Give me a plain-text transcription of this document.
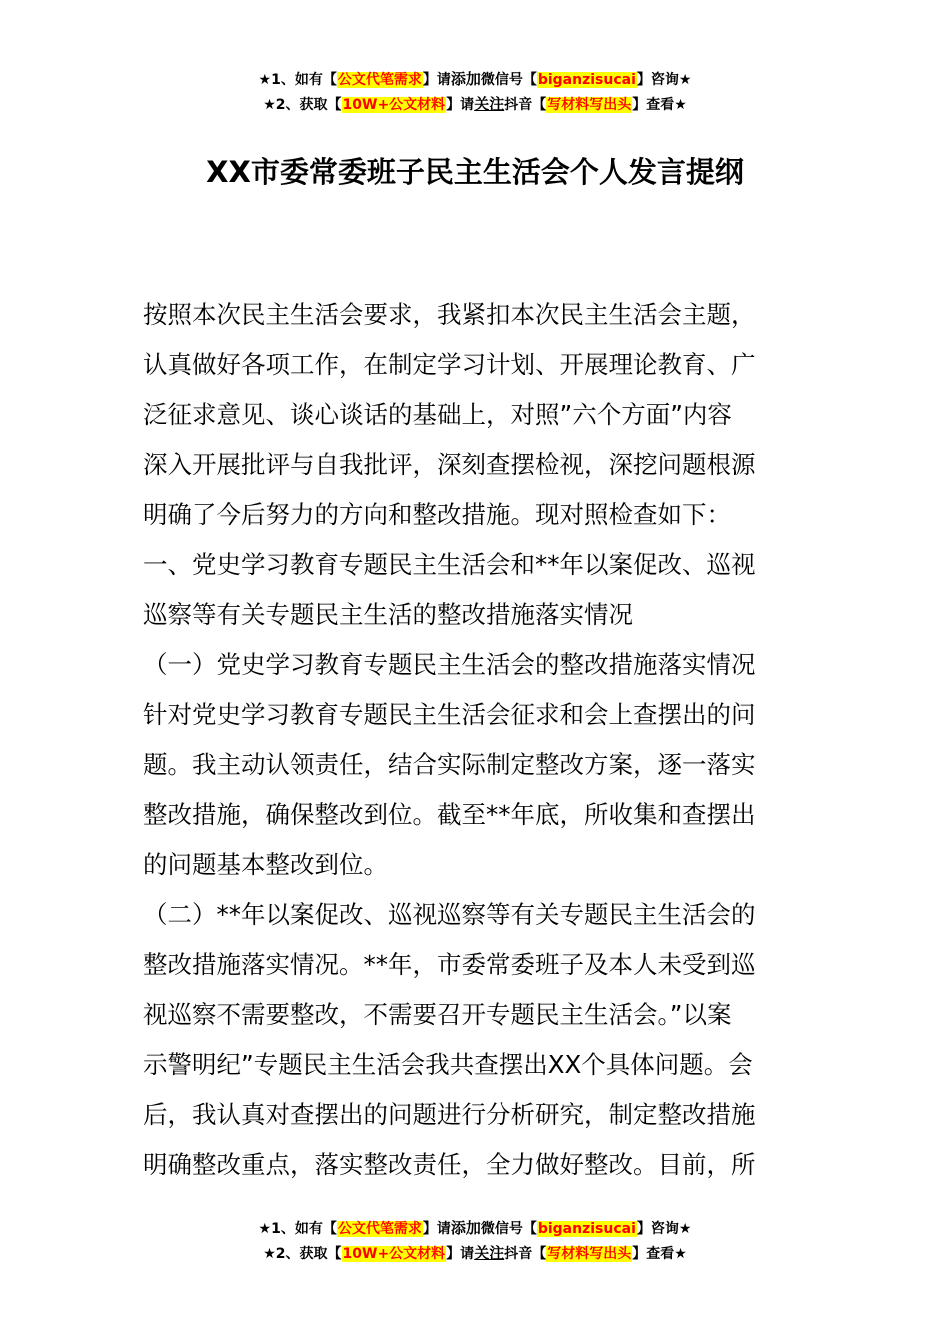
★1、如有【公文代笔需求】请添加微信号【biganzisucai】咨询★
★2、获取【10W+公文材料】请关注抖音【写材料写出头】查看★
XX市委常委班子民主生活会个人发言提纲
按照本次民主生活会要求，我紧扣本次民主生活会主题，
认真做好各项工作，在制定学习计划、开展理论教育、广
泛征求意见、谈心谈话的基础上，对照”六个方面”内容
深入开展批评与自我批评，深刻查摆检视，深挖问题根源
明确了今后努力的方向和整改措施。现对照检查如下：
一、党史学习教育专题民主生活会和**年以案促改、巡视
巡察等有关专题民主生活的整改措施落实情况
（一）党史学习教育专题民主生活会的整改措施落实情况
针对党史学习教育专题民主生活会征求和会上查摆出的问
题。我主动认领责任，结合实际制定整改方案，逐一落实
整改措施，确保整改到位。截至**年底，所收集和查摆出
的问题基本整改到位。
（二）**年以案促改、巡视巡察等有关专题民主生活会的
整改措施落实情况。**年，市委常委班子及本人未受到巡
视巡察不需要整改，不需要召开专题民主生活会。”以案
示警明纪”专题民主生活会我共查摆出XX个具体问题。会
后，我认真对查摆出的问题进行分析研究，制定整改措施
明确整改重点，落实整改责任，全力做好整改。目前，所
★1、如有【公文代笔需求】请添加微信号【biganzisucai】咨询★
★2、获取【10W+公文材料】请关注抖音【写材料写出头】查看★
